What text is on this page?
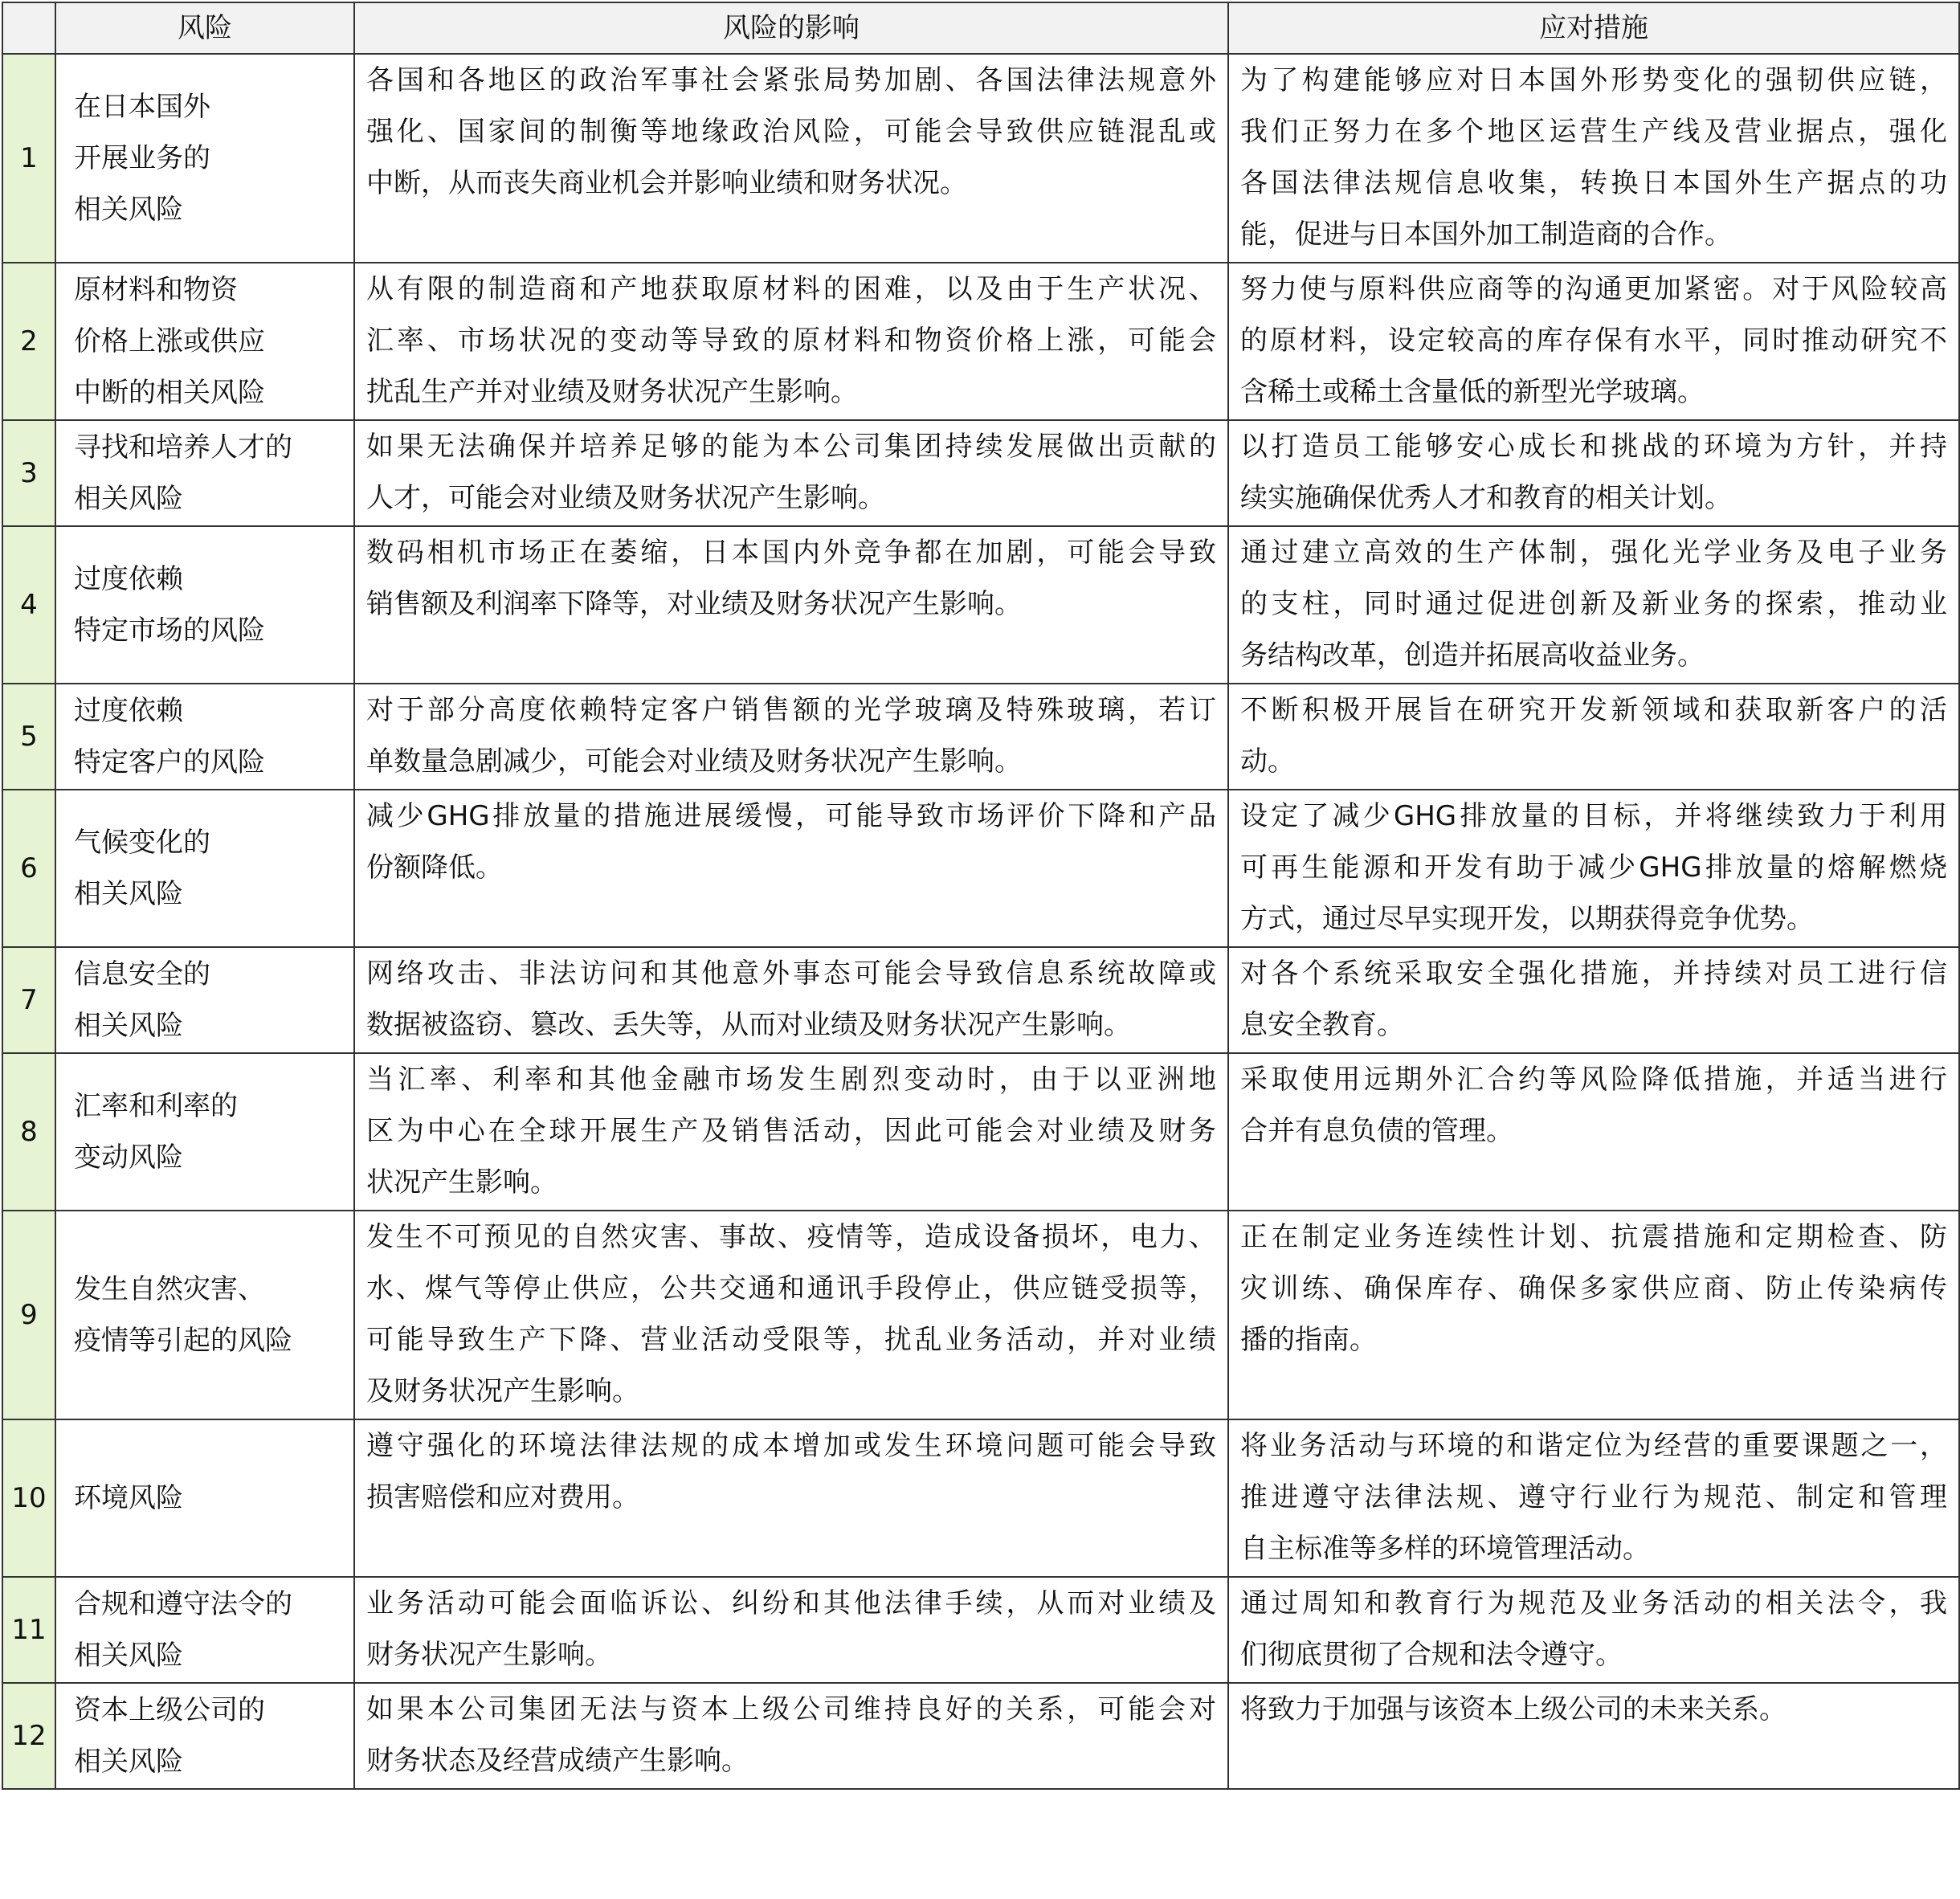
	风险	风险的影响	应对措施
1	在日本国外
开展业务的
相关风险	各国和各地区的政治军事社会紧张局势加剧、各国法律法规意外
强化、国家间的制衡等地缘政治风险，可能会导致供应链混乱或
中断，从而丧失商业机会并影响业绩和财务状况。	为了构建能够应对日本国外形势变化的强韧供应链，
我们正努力在多个地区运营生产线及营业据点，强化
各国法律法规信息收集，转换日本国外生产据点的功
能，促进与日本国外加工制造商的合作。

2	原材料和物资
价格上涨或供应
中断的相关风险	从有限的制造商和产地获取原材料的困难，以及由于生产状况、
汇率、市场状况的变动等导致的原材料和物资价格上涨，可能会
扰乱生产并对业绩及财务状况产生影响。	努力使与原料供应商等的沟通更加紧密。对于风险较高
的原材料，设定较高的库存保有水平，同时推动研究不
含稀土或稀土含量低的新型光学玻璃。

3	寻找和培养人才的
相关风险	如果无法确保并培养足够的能为本公司集团持续发展做出贡献的
人才，可能会对业绩及财务状况产生影响。	以打造员工能够安心成长和挑战的环境为方针，并持
续实施确保优秀人才和教育的相关计划。

4	过度依赖
特定市场的风险	数码相机市场正在萎缩，日本国内外竞争都在加剧，可能会导致
销售额及利润率下降等，对业绩及财务状况产生影响。	通过建立高效的生产体制，强化光学业务及电子业务
的支柱，同时通过促进创新及新业务的探索，推动业
务结构改革，创造并拓展高收益业务。

5	过度依赖
特定客户的风险	对于部分高度依赖特定客户销售额的光学玻璃及特殊玻璃，若订
单数量急剧减少，可能会对业绩及财务状况产生影响。	不断积极开展旨在研究开发新领域和获取新客户的活
动。

6	气候变化的
相关风险	减少GHG排放量的措施进展缓慢，可能导致市场评价下降和产品
份额降低。	设定了减少GHG排放量的目标，并将继续致力于利用
可再生能源和开发有助于减少GHG排放量的熔解燃烧
方式，通过尽早实现开发，以期获得竞争优势。

7	信息安全的
相关风险	网络攻击、非法访问和其他意外事态可能会导致信息系统故障或
数据被盗窃、篡改、丢失等，从而对业绩及财务状况产生影响。	对各个系统采取安全强化措施，并持续对员工进行信
息安全教育。

8	汇率和利率的
变动风险	当汇率、利率和其他金融市场发生剧烈变动时，由于以亚洲地
区为中心在全球开展生产及销售活动，因此可能会对业绩及财务
状况产生影响。	采取使用远期外汇合约等风险降低措施，并适当进行
合并有息负债的管理。

9	发生自然灾害、
疫情等引起的风险	发生不可预见的自然灾害、事故、疫情等，造成设备损坏，电力、
水、煤气等停止供应，公共交通和通讯手段停止，供应链受损等，
可能导致生产下降、营业活动受限等，扰乱业务活动，并对业绩
及财务状况产生影响。	正在制定业务连续性计划、抗震措施和定期检查、防
灾训练、确保库存、确保多家供应商、防止传染病传
播的指南。

10	环境风险	遵守强化的环境法律法规的成本增加或发生环境问题可能会导致
损害赔偿和应对费用。	将业务活动与环境的和谐定位为经营的重要课题之一，
推进遵守法律法规、遵守行业行为规范、制定和管理
自主标准等多样的环境管理活动。

11	合规和遵守法令的
相关风险	业务活动可能会面临诉讼、纠纷和其他法律手续，从而对业绩及
财务状况产生影响。	通过周知和教育行为规范及业务活动的相关法令，我
们彻底贯彻了合规和法令遵守。

12	资本上级公司的
相关风险	如果本公司集团无法与资本上级公司维持良好的关系，可能会对
财务状态及经营成绩产生影响。	将致力于加强与该资本上级公司的未来关系。
